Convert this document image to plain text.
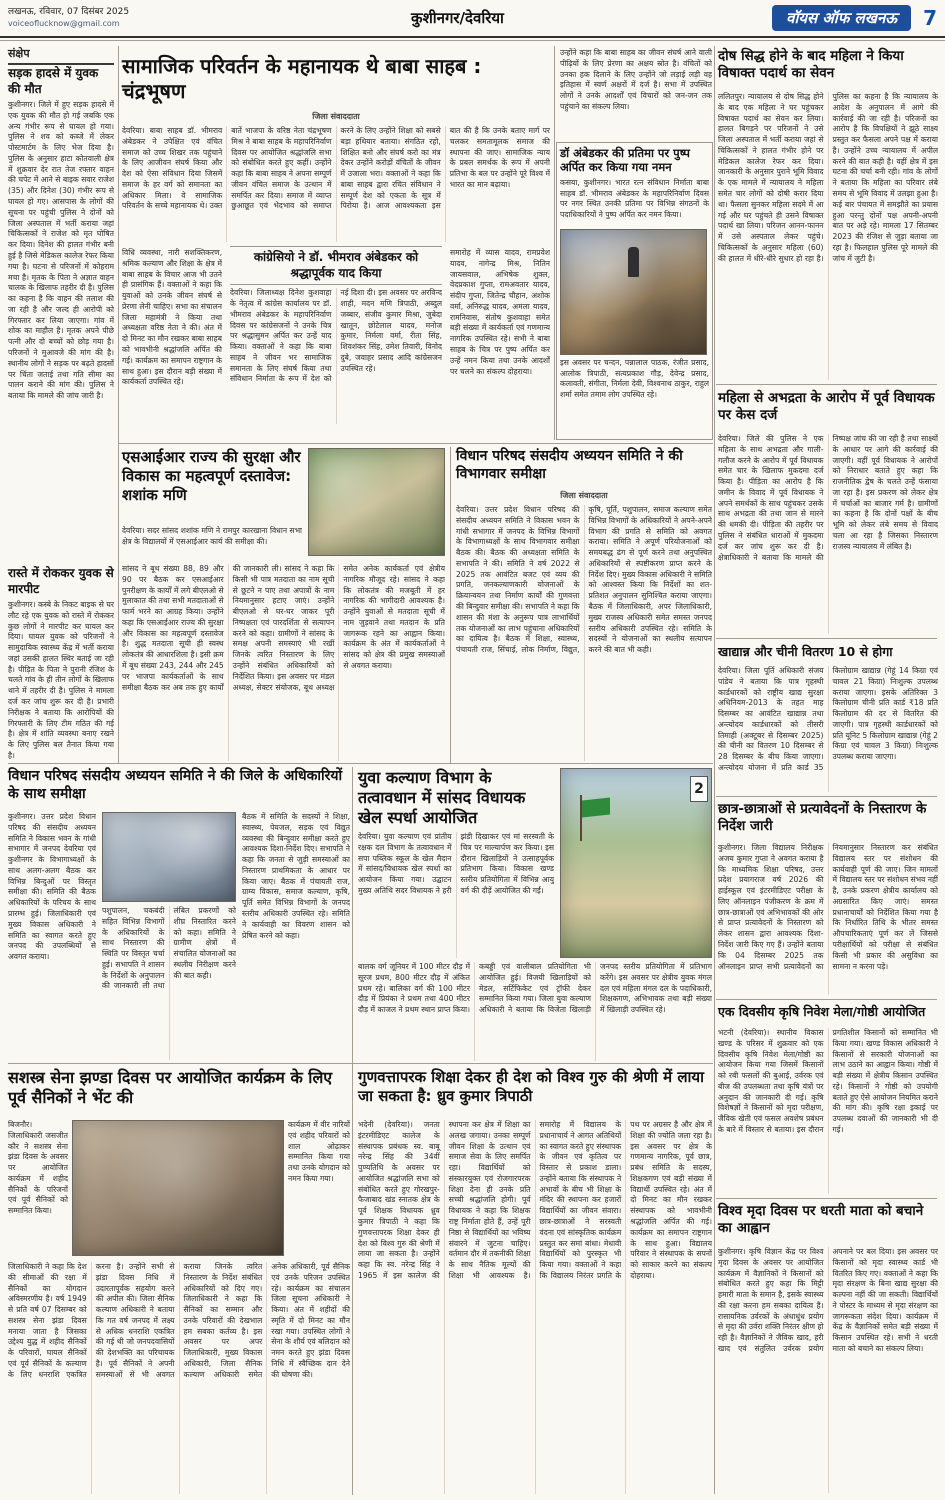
लखनऊ, रविवार, 07 दिसंबर 2025
voiceoflucknow@gmail.com	कुशीनगर/देवरिया	वॉयस ऑफ लखनऊ	7
संक्षेप
सड़क हादसे में युवक की मौत
कुशीनगर। जिले में हुए सड़क हादसे में एक युवक की मौत हो गई जबकि एक अन्य गंभीर रूप से घायल हो गया। पुलिस ने शव को कब्जे में लेकर पोस्टमार्टम के लिए भेज दिया है। पुलिस के अनुसार हाटा कोतवाली क्षेत्र में शुक्रवार देर रात तेज रफ्तार वाहन की चपेट में आने से बाइक सवार राजेश (35) और दिनेश (30) गंभीर रूप से घायल हो गए। आसपास के लोगों की सूचना पर पहुंची पुलिस ने दोनों को जिला अस्पताल में भर्ती कराया जहां चिकित्सकों ने राजेश को मृत घोषित कर दिया। दिनेश की हालत गंभीर बनी हुई है जिसे मेडिकल कालेज रेफर किया गया है। घटना से परिजनों में कोहराम मचा है। मृतक के पिता ने अज्ञात वाहन चालक के खिलाफ तहरीर दी है। पुलिस का कहना है कि वाहन की तलाश की जा रही है और जल्द ही आरोपी को गिरफ्तार कर लिया जाएगा। गांव में शोक का माहौल है। मृतक अपने पीछे पत्नी और दो बच्चों को छोड़ गया है। परिजनों ने मुआवजे की मांग की है। स्थानीय लोगों ने सड़क पर बढ़ते हादसों पर चिंता जताई तथा गति सीमा का पालन कराने की मांग की। पुलिस ने बताया कि मामले की जांच जारी है।
रास्ते में रोककर युवक से मारपीट
कुशीनगर। कस्बे के निकट बाइक से घर लौट रहे एक युवक को रास्ते में रोककर कुछ लोगों ने मारपीट कर घायल कर दिया। घायल युवक को परिजनों ने सामुदायिक स्वास्थ्य केंद्र में भर्ती कराया जहां उसकी हालत स्थिर बताई जा रही है। पीड़ित के पिता ने पुरानी रंजिश के चलते गांव के ही तीन लोगों के खिलाफ थाने में तहरीर दी है। पुलिस ने मामला दर्ज कर जांच शुरू कर दी है। प्रभारी निरीक्षक ने बताया कि आरोपियों की गिरफ्तारी के लिए टीम गठित की गई है। क्षेत्र में शांति व्यवस्था बनाए रखने के लिए पुलिस बल तैनात किया गया है।
सामाजिक परिवर्तन के महानायक थे बाबा साहब : चंद्रभूषण
जिला संवाददाता
देवरिया। बाबा साहब डॉ. भीमराव अंबेडकर ने उपेक्षित एवं वंचित समाज को उच्च शिखर तक पहुंचाने के लिए आजीवन संघर्ष किया और देश को ऐसा संविधान दिया जिसमें समाज के हर वर्ग को समानता का अधिकार मिला। वे सामाजिक परिवर्तन के सच्चे महानायक थे। उक्त बातें भाजपा के वरिष्ठ नेता चंद्रभूषण मिश्र ने बाबा साहब के महापरिनिर्वाण दिवस पर आयोजित श्रद्धांजलि सभा को संबोधित करते हुए कहीं। उन्होंने कहा कि बाबा साहब ने अपना सम्पूर्ण जीवन वंचित समाज के उत्थान में समर्पित कर दिया। समाज में व्याप्त छुआछूत एवं भेदभाव को समाप्त करने के लिए उन्होंने शिक्षा को सबसे बड़ा हथियार बताया। संगठित रहो, शिक्षित बनो और संघर्ष करो का मंत्र देकर उन्होंने करोड़ों वंचितों के जीवन में उजाला भरा। वक्ताओं ने कहा कि बाबा साहब द्वारा रचित संविधान ने सम्पूर्ण देश को एकता के सूत्र में पिरोया है। आज आवश्यकता इस बात की है कि उनके बताए मार्ग पर चलकर समतामूलक समाज की स्थापना की जाए। सामाजिक न्याय के प्रबल समर्थक के रूप में अपनी प्रतिभा के बल पर उन्होंने पूरे विश्व में भारत का मान बढ़ाया।
विधि व्यवस्था, नारी सशक्तिकरण, श्रमिक कल्याण और शिक्षा के क्षेत्र में बाबा साहब के विचार आज भी उतने ही प्रासंगिक हैं। वक्ताओं ने कहा कि युवाओं को उनके जीवन संघर्ष से प्रेरणा लेनी चाहिए। सभा का संचालन जिला महामंत्री ने किया तथा अध्यक्षता वरिष्ठ नेता ने की। अंत में दो मिनट का मौन रखकर बाबा साहब को भावभीनी श्रद्धांजलि अर्पित की गई। कार्यक्रम का समापन राष्ट्रगान के साथ हुआ। इस दौरान बड़ी संख्या में कार्यकर्ता उपस्थित रहे।
कांग्रेसियो ने डॉ. भीमराव अंबेडकर को श्रद्धापूर्वक याद किया
देवरिया। जिलाध्यक्ष दिनेश कुशवाहा के नेतृत्व में कांग्रेस कार्यालय पर डॉ. भीमराव अंबेडकर के महापरिनिर्वाण दिवस पर कांग्रेसजनों ने उनके चित्र पर श्रद्धासुमन अर्पित कर उन्हें याद किया। वक्ताओं ने कहा कि बाबा साहब ने जीवन भर सामाजिक समानता के लिए संघर्ष किया तथा संविधान निर्माता के रूप में देश को नई दिशा दी। इस अवसर पर अरविन्द शाही, मदन मणि त्रिपाठी, अब्दुल जब्बार, संजीव कुमार मिश्रा, जुबेदा खातून, छोटेलाल यादव, मनोज कुमार, निर्मला वर्मा, रीता सिंह, शिवशंकर सिंह, उमेश तिवारी, विनोद दुबे, जवाहर प्रसाद आदि कांग्रेसजन उपस्थित रहे।
समारोह में व्यास यादव, रामप्रवेश यादव, नागेन्द्र मिश्र, नितिन जायसवाल, अभिषेक शुक्ल, वेदप्रकाश गुप्ता, रामअवतार यादव, संदीप गुप्ता, जितेन्द्र चौहान, अशोक वर्मा, अनिरुद्ध यादव, अमला यादव, रामनिवास, संतोष कुशवाहा समेत बड़ी संख्या में कार्यकर्ता एवं गणमान्य नागरिक उपस्थित रहे। सभी ने बाबा साहब के चित्र पर पुष्प अर्पित कर उन्हें नमन किया तथा उनके आदर्शों पर चलने का संकल्प दोहराया।
उन्होंने कहा कि बाबा साहब का जीवन संघर्ष आने वाली पीढ़ियों के लिए प्रेरणा का अक्षय स्रोत है। वंचितों को उनका हक दिलाने के लिए उन्होंने जो लड़ाई लड़ी वह इतिहास में स्वर्ण अक्षरों में दर्ज है। सभा में उपस्थित लोगों ने उनके आदर्शों एवं विचारों को जन-जन तक पहुंचाने का संकल्प लिया।
डॉ अंबेडकर की प्रतिमा पर पुष्प अर्पित कर किया गया नमन
कसया, कुशीनगर। भारत रत्न संविधान निर्माता बाबा साहब डॉ. भीमराव अंबेडकर के महापरिनिर्वाण दिवस पर नगर स्थित उनकी प्रतिमा पर विभिन्न संगठनों के पदाधिकारियों ने पुष्प अर्पित कर नमन किया।
इस अवसर पर चन्दन, पन्नालाल पाठक, रंजीत प्रसाद, आलोक त्रिपाठी, सत्यप्रकाश गौड़, देवेन्द्र प्रसाद, कलावती, संगीता, निर्मला देवी, विश्वनाथ ठाकुर, राहुल शर्मा समेत तमाम लोग उपस्थित रहे।
एसआईआर राज्य की सुरक्षा और विकास का महत्वपूर्ण दस्तावेज: शशांक मणि
देवरिया। सदर सांसद शशांक मणि ने रामपुर कारखाना विधान सभा क्षेत्र के विद्यालयों में एसआईआर कार्य की समीक्षा की।
सांसद ने बूथ संख्या 88, 89 और 90 पर बैठक कर एसआईआर पुनरीक्षण के कार्यों में लगे बीएलओ से मुलाकात की तथा सभी मतदाताओं से फार्म भरने का आग्रह किया। उन्होंने कहा कि एसआईआर राज्य की सुरक्षा और विकास का महत्वपूर्ण दस्तावेज है। शुद्ध मतदाता सूची ही स्वस्थ लोकतंत्र की आधारशिला है। इसी क्रम में बूथ संख्या 243, 244 और 245 पर भाजपा कार्यकर्ताओं के साथ समीक्षा बैठक कर अब तक हुए कार्यों की जानकारी ली। सांसद ने कहा कि किसी भी पात्र मतदाता का नाम सूची से छूटने न पाए तथा अपात्रों के नाम नियमानुसार हटाए जाएं। उन्होंने बीएलओ से घर-घर जाकर पूरी निष्पक्षता एवं पारदर्शिता से सत्यापन करने को कहा। ग्रामीणों ने सांसद के समक्ष अपनी समस्याएं भी रखीं जिनके त्वरित निस्तारण के लिए उन्होंने संबंधित अधिकारियों को निर्देशित किया। इस अवसर पर मंडल अध्यक्ष, सेक्टर संयोजक, बूथ अध्यक्ष समेत अनेक कार्यकर्ता एवं क्षेत्रीय नागरिक मौजूद रहे। सांसद ने कहा कि लोकतंत्र की मजबूती में हर नागरिक की भागीदारी आवश्यक है। उन्होंने युवाओं से मतदाता सूची में नाम जुड़वाने तथा मतदान के प्रति जागरूक रहने का आह्वान किया। कार्यक्रम के अंत में कार्यकर्ताओं ने सांसद को क्षेत्र की प्रमुख समस्याओं से अवगत कराया।
विधान परिषद संसदीय अध्ययन समिति ने की विभागवार समीक्षा
जिला संवाददाता
देवरिया। उत्तर प्रदेश विधान परिषद की संसदीय अध्ययन समिति ने विकास भवन के गांधी सभागार में जनपद के विभिन्न विभागों के विभागाध्यक्षों के साथ विभागवार समीक्षा बैठक की। बैठक की अध्यक्षता समिति के सभापति ने की। समिति ने वर्ष 2022 से 2025 तक आवंटित बजट एवं व्यय की प्रगति, जनकल्याणकारी योजनाओं के क्रियान्वयन तथा निर्माण कार्यों की गुणवत्ता की बिन्दुवार समीक्षा की। सभापति ने कहा कि शासन की मंशा के अनुरूप पात्र लाभार्थियों तक योजनाओं का लाभ पहुंचाना अधिकारियों का दायित्व है। बैठक में शिक्षा, स्वास्थ्य, पंचायती राज, सिंचाई, लोक निर्माण, विद्युत, कृषि, पूर्ति, पशुपालन, समाज कल्याण समेत विभिन्न विभागों के अधिकारियों ने अपने-अपने विभाग की प्रगति से समिति को अवगत कराया। समिति ने अपूर्ण परियोजनाओं को समयबद्ध ढंग से पूर्ण करने तथा अनुपस्थित अधिकारियों से स्पष्टीकरण प्राप्त करने के निर्देश दिए। मुख्य विकास अधिकारी ने समिति को आश्वस्त किया कि निर्देशों का शत-प्रतिशत अनुपालन सुनिश्चित कराया जाएगा। बैठक में जिलाधिकारी, अपर जिलाधिकारी, मुख्य राजस्व अधिकारी समेत समस्त जनपद स्तरीय अधिकारी उपस्थित रहे। समिति के सदस्यों ने योजनाओं का स्थलीय सत्यापन करने की बात भी कही।
विधान परिषद संसदीय अध्ययन समिति ने की जिले के अधिकारियों के साथ समीक्षा
कुशीनगर। उत्तर प्रदेश विधान परिषद की संसदीय अध्ययन समिति ने विकास भवन के गांधी सभागार में जनपद देवरिया एवं कुशीनगर के विभागाध्यक्षों के साथ अलग-अलग बैठक कर विभिन्न बिन्दुओं पर विस्तृत समीक्षा की। समिति की बैठक अधिकारियों के परिचय के साथ प्रारम्भ हुई। जिलाधिकारी एवं मुख्य विकास अधिकारी ने समिति का स्वागत करते हुए जनपद की उपलब्धियों से अवगत कराया।
पशुपालन, चकबंदी सहित विभिन्न विभागों के अधिकारियों के साथ निस्तारण की स्थिति पर विस्तृत चर्चा हुई। सभापति ने शासन के निर्देशों के अनुपालन की जानकारी ली तथा लंबित प्रकरणों को शीघ्र निस्तारित करने को कहा। समिति ने ग्रामीण क्षेत्रों में संचालित योजनाओं का स्थलीय निरीक्षण करने की बात कही।
बैठक में समिति के सदस्यों ने शिक्षा, स्वास्थ्य, पेयजल, सड़क एवं विद्युत व्यवस्था की बिन्दुवार समीक्षा करते हुए आवश्यक दिशा-निर्देश दिए। सभापति ने कहा कि जनता से जुड़ी समस्याओं का निस्तारण प्राथमिकता के आधार पर किया जाए। बैठक में पंचायती राज, ग्राम्य विकास, समाज कल्याण, कृषि, पूर्ति समेत विभिन्न विभागों के जनपद स्तरीय अधिकारी उपस्थित रहे। समिति ने कार्यवाही का विवरण शासन को प्रेषित करने को कहा।
युवा कल्याण विभाग के तत्वावधान में सांसद विधायक खेल स्पर्धा आयोजित
देवरिया। युवा कल्याण एवं प्रांतीय रक्षक दल विभाग के तत्वावधान में सपा पब्लिक स्कूल के खेल मैदान में सांसद/विधायक खेल स्पर्धा का आयोजन किया गया। उद्घाटन मुख्य अतिथि सदर विधायक ने हरी झंडी दिखाकर एवं मां सरस्वती के चित्र पर माल्यार्पण कर किया। इस दौरान खिलाड़ियों ने उत्साहपूर्वक प्रतिभाग किया। विकास खण्ड स्तरीय प्रतियोगिता में विभिन्न आयु वर्ग की दौड़ें आयोजित की गईं।
2
बालक वर्ग जूनियर में 100 मीटर दौड़ में सूरज प्रथम, 800 मीटर दौड़ में अंकित प्रथम रहे। बालिका वर्ग की 100 मीटर दौड़ में प्रियंका ने प्रथम तथा 400 मीटर दौड़ में काजल ने प्रथम स्थान प्राप्त किया। कबड्डी एवं वालीबाल प्रतियोगिता भी आयोजित हुई। विजयी खिलाड़ियों को मेडल, सर्टिफिकेट एवं ट्रॉफी देकर सम्मानित किया गया। जिला युवा कल्याण अधिकारी ने बताया कि विजेता खिलाड़ी जनपद स्तरीय प्रतियोगिता में प्रतिभाग करेंगे। इस अवसर पर क्षेत्रीय युवक मंगल दल एवं महिला मंगल दल के पदाधिकारी, शिक्षकगण, अभिभावक तथा बड़ी संख्या में खिलाड़ी उपस्थित रहे।
सशस्त्र सेना झण्डा दिवस पर आयोजित कार्यक्रम के लिए पूर्व सैनिकों ने भेंट की
बिजनौर। जिलाधिकारी जसजीत कौर ने सशस्त्र सेना झंडा दिवस के अवसर पर आयोजित कार्यक्रम में शहीद सैनिकों के परिजनों एवं पूर्व सैनिकों को सम्मानित किया।
कार्यक्रम में वीर नारियों एवं शहीद परिवारों को शाल ओढ़ाकर सम्मानित किया गया तथा उनके योगदान को नमन किया गया।
जिलाधिकारी ने कहा कि देश की सीमाओं की रक्षा में सैनिकों का योगदान अविस्मरणीय है। वर्ष 1949 से प्रति वर्ष 07 दिसम्बर को सशस्त्र सेना झंडा दिवस मनाया जाता है जिसका उद्देश्य युद्ध में शहीद सैनिकों के परिवारों, घायल सैनिकों एवं पूर्व सैनिकों के कल्याण के लिए धनराशि एकत्रित करना है। उन्होंने सभी से झंडा दिवस निधि में उदारतापूर्वक सहयोग करने की अपील की। जिला सैनिक कल्याण अधिकारी ने बताया कि गत वर्ष जनपद में लक्ष्य से अधिक धनराशि एकत्रित की गई थी जो जनपदवासियों की देशभक्ति का परिचायक है। पूर्व सैनिकों ने अपनी समस्याओं से भी अवगत कराया जिनके त्वरित निस्तारण के निर्देश संबंधित अधिकारियों को दिए गए। जिलाधिकारी ने कहा कि सैनिकों का सम्मान और उनके परिवारों की देखभाल हम सबका कर्तव्य है। इस अवसर पर अपर जिलाधिकारी, मुख्य विकास अधिकारी, जिला सैनिक कल्याण अधिकारी समेत अनेक अधिकारी, पूर्व सैनिक एवं उनके परिजन उपस्थित रहे। कार्यक्रम का संचालन जिला सूचना अधिकारी ने किया। अंत में शहीदों की स्मृति में दो मिनट का मौन रखा गया। उपस्थित लोगों ने सेना के शौर्य एवं बलिदान को नमन करते हुए झंडा दिवस निधि में स्वैच्छिक दान देने की घोषणा की।
गुणवत्तापरक शिक्षा देकर ही देश को विश्व गुरु की श्रेणी में लाया जा सकता है: ध्रुव कुमार त्रिपाठी
भदेनी (देवरिया)। जनता इंटरमीडिएट कालेज के संस्थापक प्रबंधक स्व. बाबू नरेन्द्र सिंह की 34वीं पुण्यतिथि के अवसर पर आयोजित श्रद्धांजलि सभा को संबोधित करते हुए गोरखपुर-फैजाबाद खंड स्नातक क्षेत्र के पूर्व शिक्षक विधायक ध्रुव कुमार त्रिपाठी ने कहा कि गुणवत्तापरक शिक्षा देकर ही देश को विश्व गुरु की श्रेणी में लाया जा सकता है। उन्होंने कहा कि स्व. नरेन्द्र सिंह ने 1965 में इस कालेज की स्थापना कर क्षेत्र में शिक्षा का अलख जगाया। उनका सम्पूर्ण जीवन शिक्षा के उत्थान एवं समाज सेवा के लिए समर्पित रहा। विद्यार्थियों को संस्कारयुक्त एवं रोजगारपरक शिक्षा देना ही उनके प्रति सच्ची श्रद्धांजलि होगी। पूर्व विधायक ने कहा कि शिक्षक राष्ट्र निर्माता होते हैं, उन्हें पूरी निष्ठा से विद्यार्थियों का भविष्य संवारने में जुटना चाहिए। वर्तमान दौर में तकनीकी शिक्षा के साथ नैतिक मूल्यों की शिक्षा भी आवश्यक है। समारोह में विद्यालय के प्रधानाचार्य ने आगत अतिथियों का स्वागत करते हुए संस्थापक के जीवन एवं कृतित्व पर विस्तार से प्रकाश डाला। उन्होंने बताया कि संस्थापक ने अभावों के बीच भी शिक्षा के मंदिर की स्थापना कर हजारों विद्यार्थियों का जीवन संवारा। छात्र-छात्राओं ने सरस्वती वंदना एवं सांस्कृतिक कार्यक्रम प्रस्तुत कर समां बांधा। मेधावी विद्यार्थियों को पुरस्कृत भी किया गया। वक्ताओं ने कहा कि विद्यालय निरंतर प्रगति के पथ पर अग्रसर है और क्षेत्र में शिक्षा की ज्योति जला रहा है। इस अवसर पर क्षेत्र के गणमान्य नागरिक, पूर्व छात्र, प्रबंध समिति के सदस्य, शिक्षकगण एवं बड़ी संख्या में विद्यार्थी उपस्थित रहे। अंत में दो मिनट का मौन रखकर संस्थापक को भावभीनी श्रद्धांजलि अर्पित की गई। कार्यक्रम का समापन राष्ट्रगान के साथ हुआ। विद्यालय परिवार ने संस्थापक के सपनों को साकार करने का संकल्प दोहराया।
दोष सिद्ध होने के बाद महिला ने किया विषाक्त पदार्थ का सेवन
ललितपुर। न्यायालय से दोष सिद्ध होने के बाद एक महिला ने घर पहुंचकर विषाक्त पदार्थ का सेवन कर लिया। हालत बिगड़ने पर परिजनों ने उसे जिला अस्पताल में भर्ती कराया जहां से चिकित्सकों ने हालत गंभीर होने पर मेडिकल कालेज रेफर कर दिया। जानकारी के अनुसार पुराने भूमि विवाद के एक मामले में न्यायालय ने महिला समेत चार लोगों को दोषी करार दिया था। फैसला सुनकर महिला सदमे में आ गई और घर पहुंचते ही उसने विषाक्त पदार्थ खा लिया। परिजन आनन-फानन में उसे अस्पताल लेकर पहुंचे। चिकित्सकों के अनुसार महिला (60) की हालत में धीरे-धीरे सुधार हो रहा है। पुलिस का कहना है कि न्यायालय के आदेश के अनुपालन में आगे की कार्रवाई की जा रही है। परिजनों का आरोप है कि विपक्षियों ने झूठे साक्ष्य प्रस्तुत कर फैसला अपने पक्ष में कराया है। उन्होंने उच्च न्यायालय में अपील करने की बात कही है। वहीं क्षेत्र में इस घटना की चर्चा बनी रही। गांव के लोगों ने बताया कि महिला का परिवार लंबे समय से भूमि विवाद में उलझा हुआ है। कई बार पंचायत में समझौते का प्रयास हुआ परन्तु दोनों पक्ष अपनी-अपनी बात पर अड़े रहे। मामला 17 सितम्बर 2023 की रंजिश से जुड़ा बताया जा रहा है। फिलहाल पुलिस पूरे मामले की जांच में जुटी है।
महिला से अभद्रता के आरोप में पूर्व विधायक पर केस दर्ज
देवरिया। जिले की पुलिस ने एक महिला के साथ अभद्रता और गाली-गलौज करने के आरोप में पूर्व विधायक समेत चार के खिलाफ मुकदमा दर्ज किया है। पीड़िता का आरोप है कि जमीन के विवाद में पूर्व विधायक ने अपने समर्थकों के साथ पहुंचकर उसके साथ अभद्रता की तथा जान से मारने की धमकी दी। पीड़िता की तहरीर पर पुलिस ने संबंधित धाराओं में मुकदमा दर्ज कर जांच शुरू कर दी है। क्षेत्राधिकारी ने बताया कि मामले की निष्पक्ष जांच की जा रही है तथा साक्ष्यों के आधार पर आगे की कार्रवाई की जाएगी। वहीं पूर्व विधायक ने आरोपों को निराधार बताते हुए कहा कि राजनीतिक द्वेष के चलते उन्हें फंसाया जा रहा है। इस प्रकरण को लेकर क्षेत्र में चर्चाओं का बाजार गर्म है। ग्रामीणों का कहना है कि दोनों पक्षों के बीच भूमि को लेकर लंबे समय से विवाद चला आ रहा है जिसका निस्तारण राजस्व न्यायालय में लंबित है।
खाद्यान्न और चीनी वितरण 10 से होगा
देवरिया। जिला पूर्ति अधिकारी संजय पांडेय ने बताया कि पात्र गृहस्थी कार्डधारकों को राष्ट्रीय खाद्य सुरक्षा अधिनियम-2013 के तहत माह दिसम्बर का आवंटित खाद्यान्न तथा अन्त्योदय कार्डधारकों को तीसरी तिमाही (अक्टूबर से दिसम्बर 2025) की चीनी का वितरण 10 दिसम्बर से 28 दिसम्बर के बीच किया जाएगा। अन्त्योदय योजना में प्रति कार्ड 35 किलोग्राम खाद्यान्न (गेहूं 14 किग्रा एवं चावल 21 किग्रा) निःशुल्क उपलब्ध कराया जाएगा। इसके अतिरिक्त 3 किलोग्राम चीनी प्रति कार्ड ₹18 प्रति किलोग्राम की दर से वितरित की जाएगी। पात्र गृहस्थी कार्डधारकों को प्रति यूनिट 5 किलोग्राम खाद्यान्न (गेहूं 2 किग्रा एवं चावल 3 किग्रा) निःशुल्क उपलब्ध कराया जाएगा।
छात्र-छात्राओं से प्रत्यावेदनों के निस्तारण के निर्देश जारी
कुशीनगर। जिला विद्यालय निरीक्षक अजय कुमार गुप्ता ने अवगत कराया है कि माध्यमिक शिक्षा परिषद, उत्तर प्रदेश प्रयागराज वर्ष 2026 की हाईस्कूल एवं इंटरमीडिएट परीक्षा के लिए ऑनलाइन पंजीकरण के क्रम में छात्र-छात्राओं एवं अभिभावकों की ओर से प्राप्त प्रत्यावेदनों के निस्तारण को लेकर शासन द्वारा आवश्यक दिशा-निर्देश जारी किए गए हैं। उन्होंने बताया कि 04 दिसम्बर 2025 तक ऑनलाइन प्राप्त सभी प्रत्यावेदनों का नियमानुसार निस्तारण कर संबंधित विद्यालय स्तर पर संशोधन की कार्यवाही पूर्ण की जाए। जिन मामलों में विद्यालय स्तर पर संशोधन संभव नहीं है, उनके प्रकरण क्षेत्रीय कार्यालय को अग्रसारित किए जाएं। समस्त प्रधानाचार्यों को निर्देशित किया गया है कि निर्धारित तिथि के भीतर समस्त औपचारिकताएं पूर्ण कर लें जिससे परीक्षार्थियों को परीक्षा से संबंधित किसी भी प्रकार की असुविधा का सामना न करना पड़े।
एक दिवसीय कृषि निवेश मेला/गोष्ठी आयोजित
भटनी (देवरिया)। स्थानीय विकास खण्ड के परिसर में शुक्रवार को एक दिवसीय कृषि निवेश मेला/गोष्ठी का आयोजन किया गया जिसमें किसानों को रबी फसलों की बुआई, उर्वरक एवं बीज की उपलब्धता तथा कृषि यंत्रों पर अनुदान की जानकारी दी गई। कृषि विशेषज्ञों ने किसानों को मृदा परीक्षण, जैविक खेती एवं फसल अवशेष प्रबंधन के बारे में विस्तार से बताया। इस दौरान प्रगतिशील किसानों को सम्मानित भी किया गया। खण्ड विकास अधिकारी ने किसानों से सरकारी योजनाओं का लाभ उठाने का आह्वान किया। गोष्ठी में बड़ी संख्या में क्षेत्रीय किसान उपस्थित रहे। किसानों ने गोष्ठी को उपयोगी बताते हुए ऐसे आयोजन नियमित कराने की मांग की। कृषि रक्षा इकाई पर उपलब्ध दवाओं की जानकारी भी दी गई।
विश्व मृदा दिवस पर धरती माता को बचाने का आह्वान
कुशीनगर। कृषि विज्ञान केंद्र पर विश्व मृदा दिवस के अवसर पर आयोजित कार्यक्रम में वैज्ञानिकों ने किसानों को संबोधित करते हुए कहा कि मिट्टी हमारी माता के समान है, इसके स्वास्थ्य की रक्षा करना हम सबका दायित्व है। रासायनिक उर्वरकों के अंधाधुंध प्रयोग से मृदा की उर्वरा शक्ति निरंतर क्षीण हो रही है। वैज्ञानिकों ने जैविक खाद, हरी खाद एवं संतुलित उर्वरक प्रयोग अपनाने पर बल दिया। इस अवसर पर किसानों को मृदा स्वास्थ्य कार्ड भी वितरित किए गए। वक्ताओं ने कहा कि मृदा संरक्षण के बिना खाद्य सुरक्षा की कल्पना नहीं की जा सकती। विद्यार्थियों ने पोस्टर के माध्यम से मृदा संरक्षण का जागरूकता संदेश दिया। कार्यक्रम में केंद्र के वैज्ञानिकों समेत बड़ी संख्या में किसान उपस्थित रहे। सभी ने धरती माता को बचाने का संकल्प लिया।
